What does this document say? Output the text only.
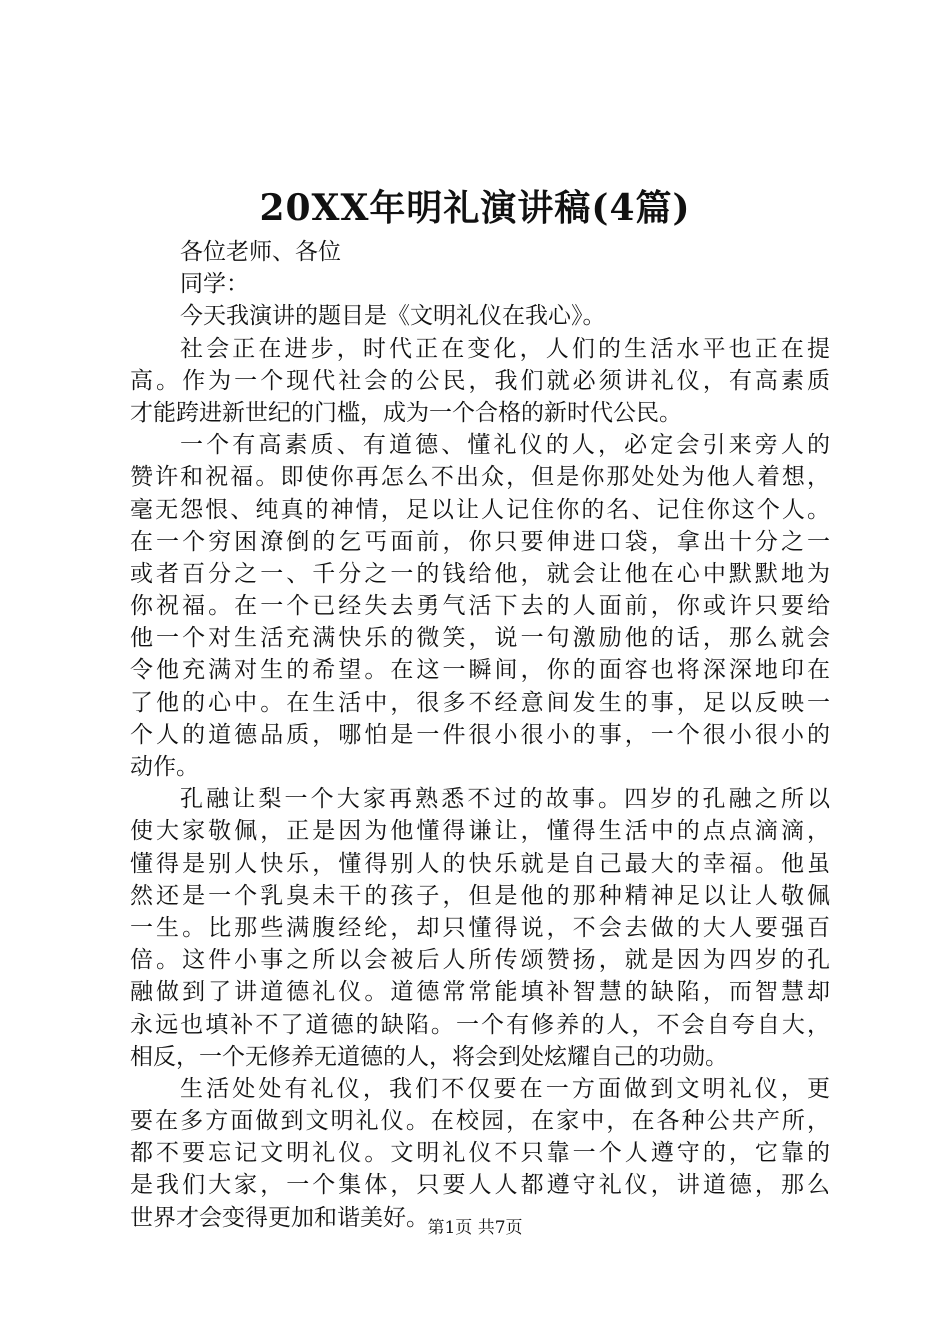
20XX年明礼演讲稿(4篇)
各位老师、各位
同学：
今天我演讲的题目是《文明礼仪在我心》。
社会正在进步，时代正在变化，人们的生活水平也正在提
高。作为一个现代社会的公民，我们就必须讲礼仪，有高素质
才能跨进新世纪的门槛，成为一个合格的新时代公民。
一个有高素质、有道德、懂礼仪的人，必定会引来旁人的
赞许和祝福。即使你再怎么不出众，但是你那处处为他人着想，
毫无怨恨、纯真的神情，足以让人记住你的名、记住你这个人。
在一个穷困潦倒的乞丐面前，你只要伸进口袋，拿出十分之一
或者百分之一、千分之一的钱给他，就会让他在心中默默地为
你祝福。在一个已经失去勇气活下去的人面前，你或许只要给
他一个对生活充满快乐的微笑，说一句激励他的话，那么就会
令他充满对生的希望。在这一瞬间，你的面容也将深深地印在
了他的心中。在生活中，很多不经意间发生的事，足以反映一
个人的道德品质，哪怕是一件很小很小的事，一个很小很小的
动作。
孔融让梨一个大家再熟悉不过的故事。四岁的孔融之所以
使大家敬佩，正是因为他懂得谦让，懂得生活中的点点滴滴，
懂得是别人快乐，懂得别人的快乐就是自己最大的幸福。他虽
然还是一个乳臭未干的孩子，但是他的那种精神足以让人敬佩
一生。比那些满腹经纶，却只懂得说，不会去做的大人要强百
倍。这件小事之所以会被后人所传颂赞扬，就是因为四岁的孔
融做到了讲道德礼仪。道德常常能填补智慧的缺陷，而智慧却
永远也填补不了道德的缺陷。一个有修养的人，不会自夸自大，
相反，一个无修养无道德的人，将会到处炫耀自己的功勋。
生活处处有礼仪，我们不仅要在一方面做到文明礼仪，更
要在多方面做到文明礼仪。在校园，在家中，在各种公共产所，
都不要忘记文明礼仪。文明礼仪不只靠一个人遵守的，它靠的
是我们大家，一个集体，只要人人都遵守礼仪，讲道德，那么
世界才会变得更加和谐美好。
第1页 共7页
